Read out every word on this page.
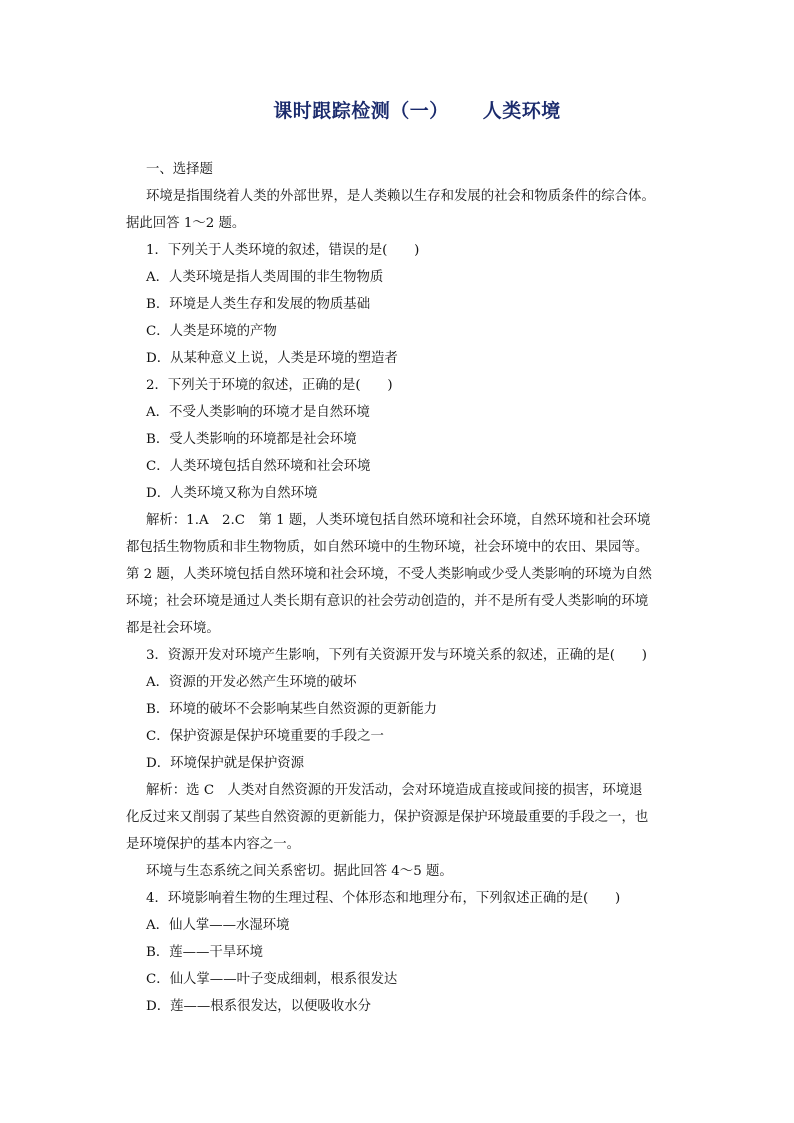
课时跟踪检测（一） 人类环境
一、选择题
环境是指围绕着人类的外部世界，是人类赖以生存和发展的社会和物质条件的综合体。
据此回答 1～2 题。
1．下列关于人类环境的叙述，错误的是(　　)
A．人类环境是指人类周围的非生物物质
B．环境是人类生存和发展的物质基础
C．人类是环境的产物
D．从某种意义上说，人类是环境的塑造者
2．下列关于环境的叙述，正确的是(　　)
A．不受人类影响的环境才是自然环境
B．受人类影响的环境都是社会环境
C．人类环境包括自然环境和社会环境
D．人类环境又称为自然环境
解析：1.A　2.C　第 1 题，人类环境包括自然环境和社会环境，自然环境和社会环境
都包括生物物质和非生物物质，如自然环境中的生物环境，社会环境中的农田、果园等。
第 2 题，人类环境包括自然环境和社会环境，不受人类影响或少受人类影响的环境为自然
环境；社会环境是通过人类长期有意识的社会劳动创造的，并不是所有受人类影响的环境
都是社会环境。
3．资源开发对环境产生影响，下列有关资源开发与环境关系的叙述，正确的是(　　)
A．资源的开发必然产生环境的破坏
B．环境的破坏不会影响某些自然资源的更新能力
C．保护资源是保护环境重要的手段之一
D．环境保护就是保护资源
解析：选 C　人类对自然资源的开发活动，会对环境造成直接或间接的损害，环境退
化反过来又削弱了某些自然资源的更新能力，保护资源是保护环境最重要的手段之一，也
是环境保护的基本内容之一。
环境与生态系统之间关系密切。据此回答 4～5 题。
4．环境影响着生物的生理过程、个体形态和地理分布，下列叙述正确的是(　　)
A．仙人掌——水湿环境
B．莲——干旱环境
C．仙人掌——叶子变成细刺，根系很发达
D．莲——根系很发达，以便吸收水分
